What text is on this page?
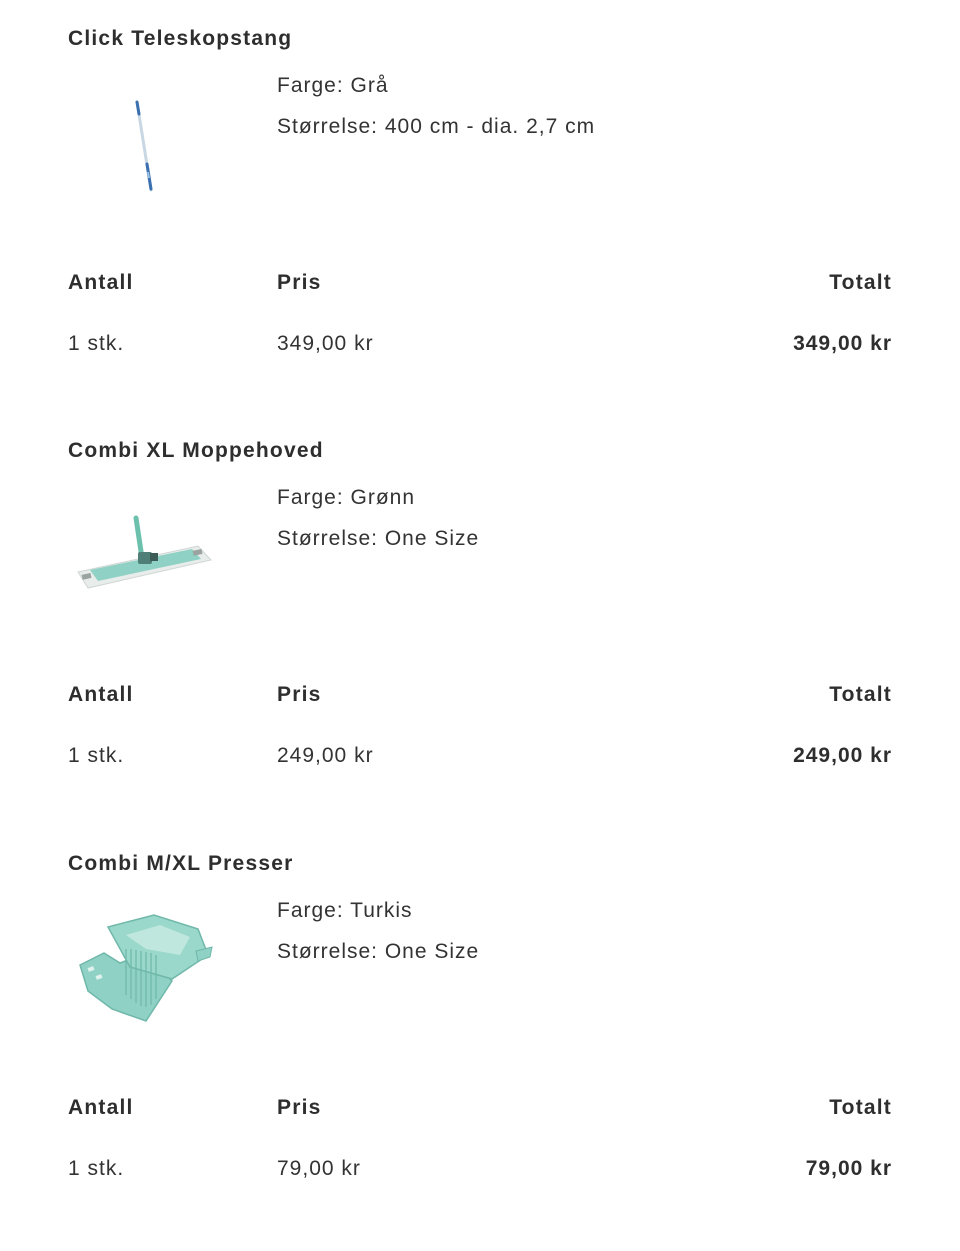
Click Teleskopstang
Farge: Grå
Størrelse: 400 cm - dia. 2,7 cm
Antall	Pris	Totalt
1 stk.	349,00 kr	349,00 kr
Combi XL Moppehoved
Farge: Grønn
Størrelse: One Size
Antall	Pris	Totalt
1 stk.	249,00 kr	249,00 kr
Combi M/XL Presser
Farge: Turkis
Størrelse: One Size
Antall	Pris	Totalt
1 stk.	79,00 kr	79,00 kr
